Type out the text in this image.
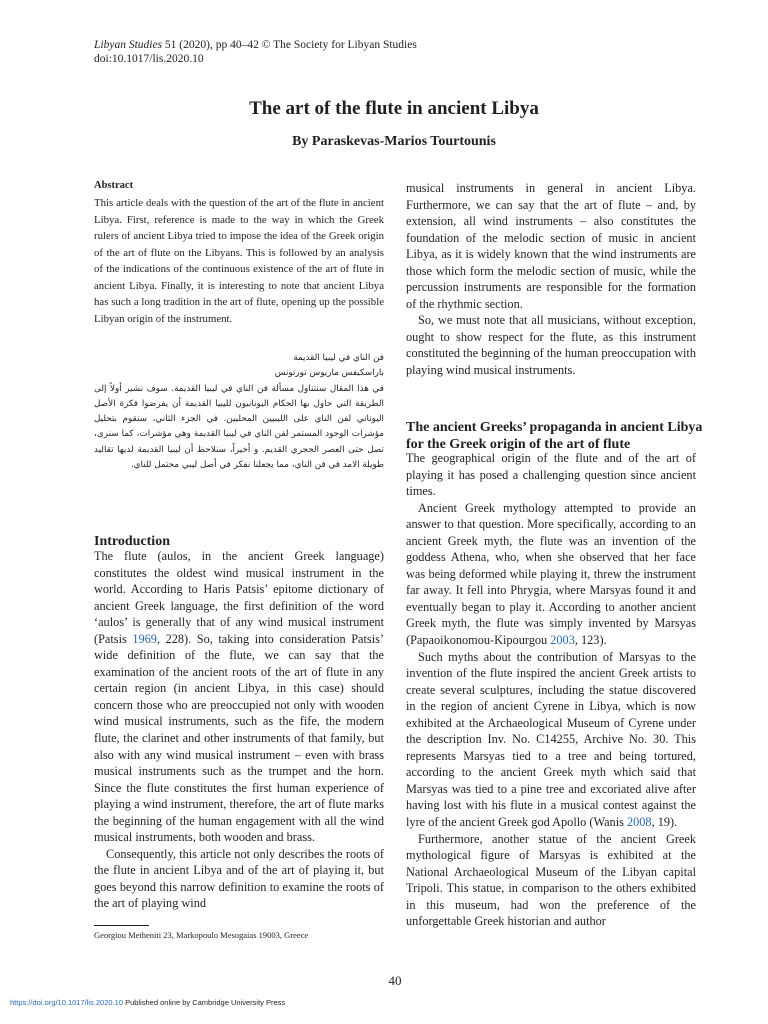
Libyan Studies 51 (2020), pp 40–42 © The Society for Libyan Studies
doi:10.1017/lis.2020.10
The art of the flute in ancient Libya
By Paraskevas-Marios Tourtounis
Abstract
This article deals with the question of the art of the flute in ancient Libya. First, reference is made to the way in which the Greek rulers of ancient Libya tried to impose the idea of the Greek origin of the art of flute on the Libyans. This is followed by an analysis of the indications of the continuous existence of the art of flute in ancient Libya. Finally, it is interesting to note that ancient Libya has such a long tradition in the art of flute, opening up the possible Libyan origin of the instrument.
فن الناي في ليبيا القديمة
باراسكيفس ماريوس تورتونس
في هذا المقال سنتناول مسألة فن الناي في ليبيا القديمة. سوف نشير أولاً إلى الطريقة التي حاول بها الحكام اليونانيون لليبيا القديمة أن يفرضوا فكرة الأصل اليوناني لفن الناي على الليبيين المحليين. في الجزء الثاني، سنقوم بتحليل مؤشرات الوجود المستمر لفن الناي في ليبيا القديمة وهي مؤشرات، كما سنرى، تصل حتى العصر الحجري القديم. و أخيراً، سنلاحظ أن ليبيا القديمة لديها تقاليد طويلة الامد في فن الناي، مما يجعلنا نفكر في أصل ليبي محتمل للناي.
Introduction

The flute (aulos, in the ancient Greek language) constitutes the oldest wind musical instrument in the world. According to Haris Patsis’ epitome dictionary of ancient Greek language, the first definition of the word ‘aulos’ is generally that of any wind musical instrument (Patsis 1969, 228). So, taking into consideration Patsis’ wide definition of the flute, we can say that the examination of the ancient roots of the art of flute in any certain region (in ancient Libya, in this case) should concern those who are preoccupied not only with wooden wind musical instruments, such as the fife, the modern flute, the clarinet and other instruments of that family, but also with any wind musical instrument – even with brass musical instruments such as the trumpet and the horn. Since the flute constitutes the first human experience of playing a wind instrument, therefore, the art of flute marks the beginning of the human engagement with all the wind musical instruments, both wooden and brass.

Consequently, this article not only describes the roots of the flute in ancient Libya and of the art of playing it, but goes beyond this narrow definition to examine the roots of the art of playing wind

musical instruments in general in ancient Libya. Furthermore, we can say that the art of flute – and, by extension, all wind instruments – also constitutes the foundation of the melodic section of music in ancient Libya, as it is widely known that the wind instruments are those which form the melodic section of music, while the percussion instruments are responsible for the formation of the rhythmic section.

So, we must note that all musicians, without exception, ought to show respect for the flute, as this instrument constituted the beginning of the human preoccupation with playing wind musical instruments.

The ancient Greeks’ propaganda in ancient Libya for the Greek origin of the art of flute

The geographical origin of the flute and of the art of playing it has posed a challenging question since ancient times.

Ancient Greek mythology attempted to provide an answer to that question. More specifically, according to an ancient Greek myth, the flute was an invention of the goddess Athena, who, when she observed that her face was being deformed while playing it, threw the instrument far away. It fell into Phrygia, where Marsyas found it and eventually began to play it. According to another ancient Greek myth, the flute was simply invented by Marsyas (Papaoikonomou-Kipourgou 2003, 123).

Such myths about the contribution of Marsyas to the invention of the flute inspired the ancient Greek artists to create several sculptures, including the statue discovered in the region of ancient Cyrene in Libya, which is now exhibited at the Archaeological Museum of Cyrene under the description Inv. No. C14255, Archive No. 30. This represents Marsyas tied to a tree and being tortured, according to the ancient Greek myth which said that Marsyas was tied to a pine tree and excoriated alive after having lost with his flute in a musical contest against the lyre of the ancient Greek god Apollo (Wanis 2008, 19).

Furthermore, another statue of the ancient Greek mythological figure of Marsyas is exhibited at the National Archaeological Museum of the Libyan capital Tripoli. This statue, in comparison to the others exhibited in this museum, had won the preference of the unforgettable Greek historian and author

Georgiou Metheniti 23, Markopoulo Mesogaias 19003, Greece
40
https://doi.org/10.1017/lis.2020.10 Published online by Cambridge University Press
